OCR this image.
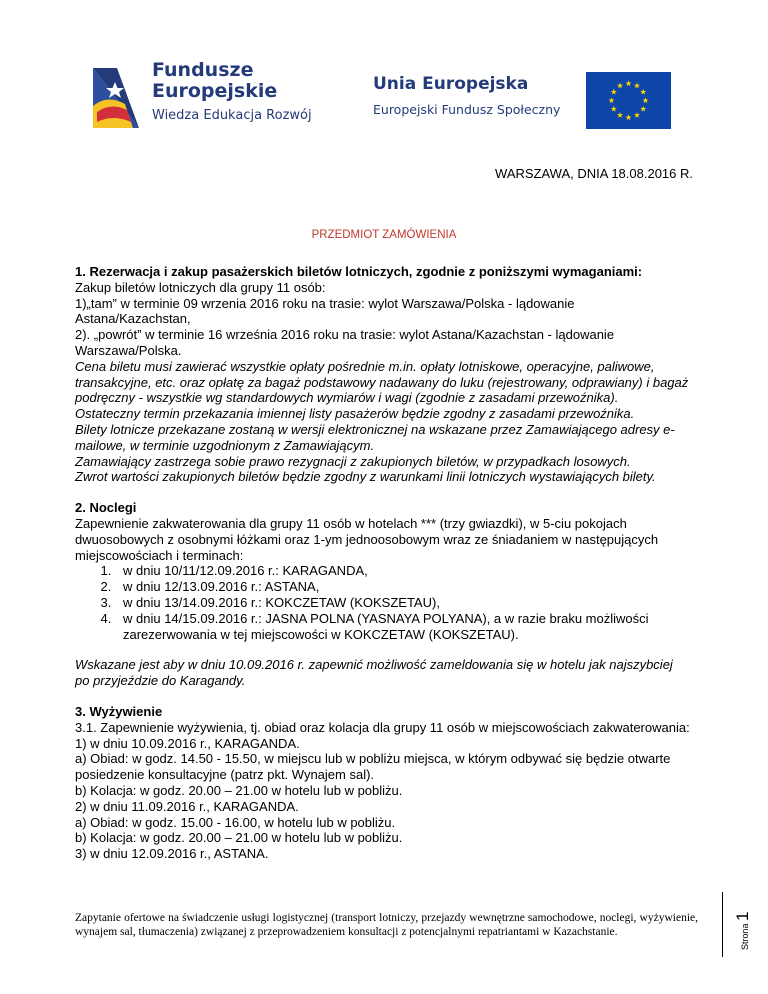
Fundusze
Europejskie
Wiedza Edukacja Rozwój
Unia Europejska
Europejski Fundusz Społeczny
WARSZAWA, DNIA 18.08.2016 R.
PRZEDMIOT ZAMÓWIENIA

1. Rezerwacja i zakup pasażerskich biletów lotniczych, zgodnie z poniższymi wymaganiami:

Zakup biletów lotniczych dla grupy 11 osób:

1)„tam” w terminie 09 wrzenia 2016 roku na trasie: wylot Warszawa/Polska - lądowanie Astana/Kazachstan,

2). „powrót” w terminie 16 września 2016 roku na trasie: wylot Astana/Kazachstan - lądowanie Warszawa/Polska.

Cena biletu musi zawierać wszystkie opłaty pośrednie m.in. opłaty lotniskowe, operacyjne, paliwowe, transakcyjne, etc. oraz opłatę za bagaż podstawowy nadawany do luku (rejestrowany, odprawiany) i bagaż podręczny - wszystkie wg standardowych wymiarów i wagi (zgodnie z zasadami przewoźnika).

Ostateczny termin przekazania imiennej listy pasażerów będzie zgodny z zasadami przewoźnika.

Bilety lotnicze przekazane zostaną w wersji elektronicznej na wskazane przez Zamawiającego adresy e-mailowe, w terminie uzgodnionym z Zamawiającym.

Zamawiający zastrzega sobie prawo rezygnacji z zakupionych biletów, w przypadkach losowych.

Zwrot wartości zakupionych biletów będzie zgodny z warunkami linii lotniczych wystawiających bilety.

2. Noclegi

Zapewnienie zakwaterowania dla grupy 11 osób w hotelach *** (trzy gwiazdki), w 5-ciu pokojach dwuosobowych z osobnymi łóżkami oraz 1-ym jednoosobowym wraz ze śniadaniem w następujących miejscowościach i terminach:

1. w dniu 10/11/12.09.2016 r.: KARAGANDA,
2. w dniu 12/13.09.2016 r.: ASTANA,
3. w dniu 13/14.09.2016 r.: KOKCZETAW (KOKSZETAU),
4. w dniu 14/15.09.2016 r.: JASNA POLNA (YASNAYA POLYANA), a w razie braku możliwości zarezerwowania w tej miejscowości w KOKCZETAW (KOKSZETAU).

Wskazane jest aby w dniu 10.09.2016 r. zapewnić możliwość zameldowania się w hotelu jak najszybciej po przyjeździe do Karagandy.

3. Wyżywienie

3.1. Zapewnienie wyżywienia, tj. obiad oraz kolacja dla grupy 11 osób w miejscowościach zakwaterowania:

1) w dniu 10.09.2016 r., KARAGANDA.

a) Obiad: w godz. 14.50 - 15.50, w miejscu lub w pobliżu miejsca, w którym odbywać się będzie otwarte posiedzenie konsultacyjne (patrz pkt. Wynajem sal).

b) Kolacja: w godz. 20.00 – 21.00 w hotelu lub w pobliżu.

2) w dniu 11.09.2016 r., KARAGANDA.

a) Obiad: w godz. 15.00 - 16.00, w hotelu lub w pobliżu.

b) Kolacja: w godz. 20.00 – 21.00 w hotelu lub w pobliżu.

3) w dniu 12.09.2016 r., ASTANA.

Zapytanie ofertowe na świadczenie usługi logistycznej (transport lotniczy, przejazdy wewnętrzne samochodowe, noclegi, wyżywienie, wynajem sal, tłumaczenia) związanej z przeprowadzeniem konsultacji z potencjalnymi repatriantami w Kazachstanie.	Strona 1
